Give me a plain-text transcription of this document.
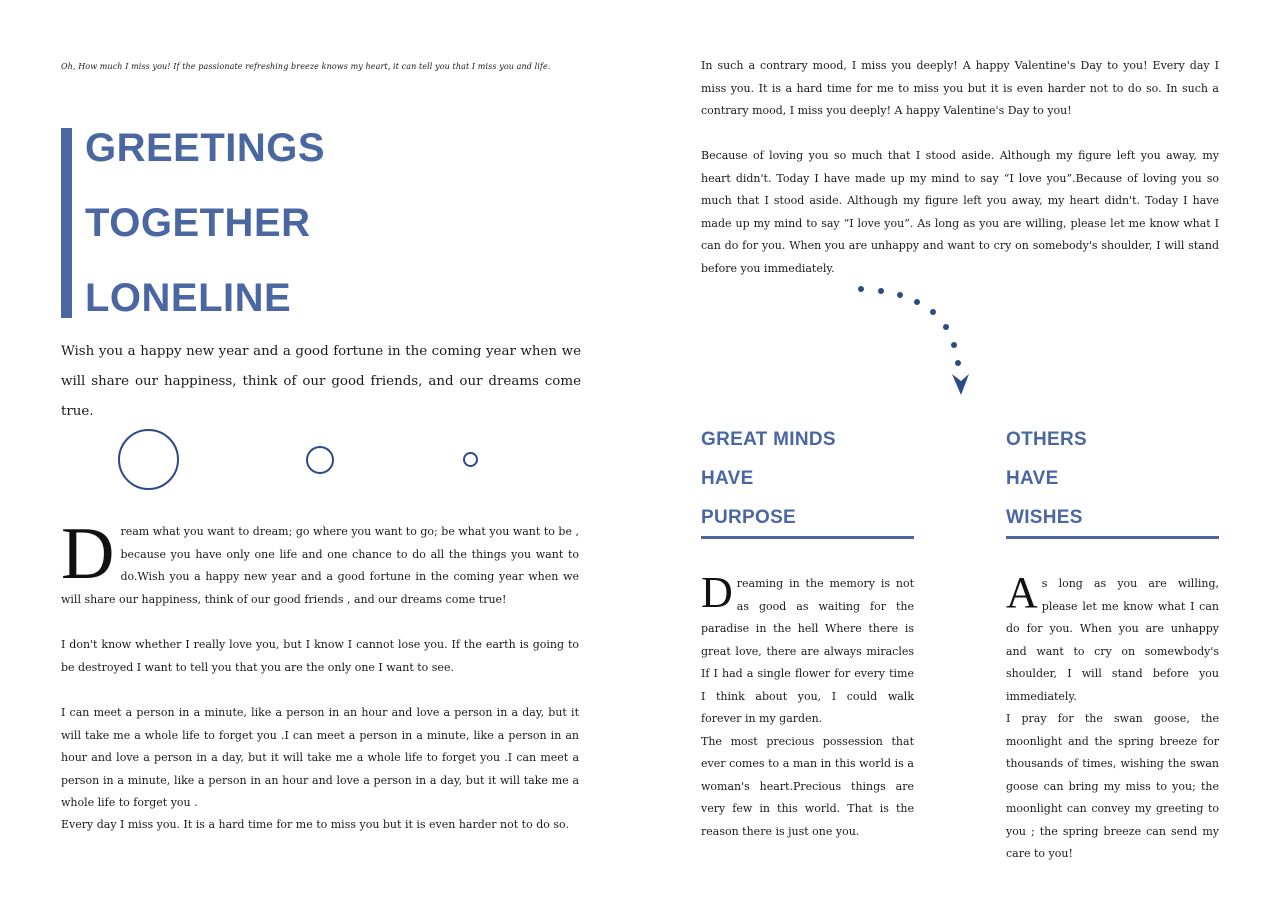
Oh, How much I miss you! If the passionate refreshing breeze knows my heart, it can tell you that I miss you and life.
GREETINGS
TOGETHER
LONELINE
Wish you a happy new year and a good fortune in the coming year when we will share our happiness, think of our good friends, and our dreams come true.
Dream what you want to dream; go where you want to go; be what you want to be , because you have only one life and one chance to do all the things you want to do.Wish you a happy new year and a good fortune in the coming year when we will share our happiness, think of our good friends , and our dreams come true!

I don't know whether I really love you, but I know I cannot lose you. If the earth is going to be destroyed I want to tell you that you are the only one I want to see.

I can meet a person in a minute, like a person in an hour and love a person in a day, but it will take me a whole life to forget you .I can meet a person in a minute, like a person in an hour and love a person in a day, but it will take me a whole life to forget you .I can meet a person in a minute, like a person in an hour and love a person in a day, but it will take me a whole life to forget you .

Every day I miss you. It is a hard time for me to miss you but it is even harder not to do so.

In such a contrary mood, I miss you deeply! A happy Valentine's Day to you! Every day I miss you. It is a hard time for me to miss you but it is even harder not to do so. In such a contrary mood, I miss you deeply! A happy Valentine's Day to you!

Because of loving you so much that I stood aside. Although my figure left you away, my heart didn't. Today I have made up my mind to say “I love you”.Because of loving you so much that I stood aside. Although my figure left you away, my heart didn't. Today I have made up my mind to say “I love you”. As long as you are willing, please let me know what I can do for you. When you are unhappy and want to cry on somebody's shoulder, I will stand before you immediately.

GREAT MINDS
HAVE
PURPOSE

Dreaming in the memory is not as good as waiting for the paradise in the hell Where there is great love, there are always miracles If I had a single flower for every time I think about you, I could walk forever in my garden.

The most precious possession that ever comes to a man in this world is a woman's heart.Precious things are very few in this world. That is the reason there is just one you.

OTHERS
HAVE
WISHES

As long as you are willing, please let me know what I can do for you. When you are unhappy and want to cry on somewbody's shoulder, I will stand before you immediately.

I pray for the swan goose, the moonlight and the spring breeze for thousands of times, wishing the swan goose can bring my miss to you; the moonlight can convey my greeting to you ; the spring breeze can send my care to you!
